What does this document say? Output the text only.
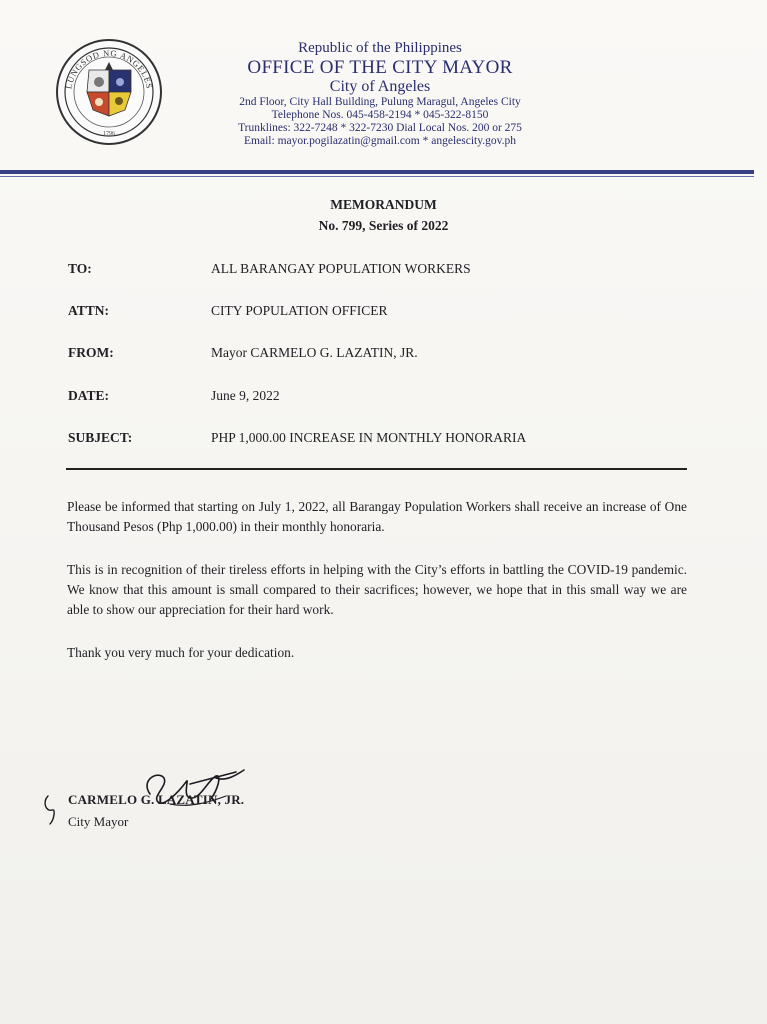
LUNGSOD NG ANGELES
1796
Republic of the Philippines
OFFICE OF THE CITY MAYOR
City of Angeles
2nd Floor, City Hall Building, Pulung Maragul, Angeles City
Telephone Nos. 045-458-2194 * 045-322-8150
Trunklines: 322-7248 * 322-7230 Dial Local Nos. 200 or 275
Email: mayor.pogilazatin@gmail.com * angelescity.gov.ph
MEMORANDUM
No. 799, Series of 2022
TO:	ALL BARANGAY POPULATION WORKERS
ATTN:	CITY POPULATION OFFICER
FROM:	Mayor CARMELO G. LAZATIN, JR.
DATE:	June 9, 2022
SUBJECT:	PHP 1,000.00 INCREASE IN MONTHLY HONORARIA
Please be informed that starting on July 1, 2022, all Barangay Population Workers shall receive an increase of One Thousand Pesos (Php 1,000.00) in their monthly honoraria.
This is in recognition of their tireless efforts in helping with the City’s efforts in battling the COVID-19 pandemic. We know that this amount is small compared to their sacrifices; however, we hope that in this small way we are able to show our appreciation for their hard work.
Thank you very much for your dedication.
CARMELO G. LAZATIN, JR.
City Mayor
